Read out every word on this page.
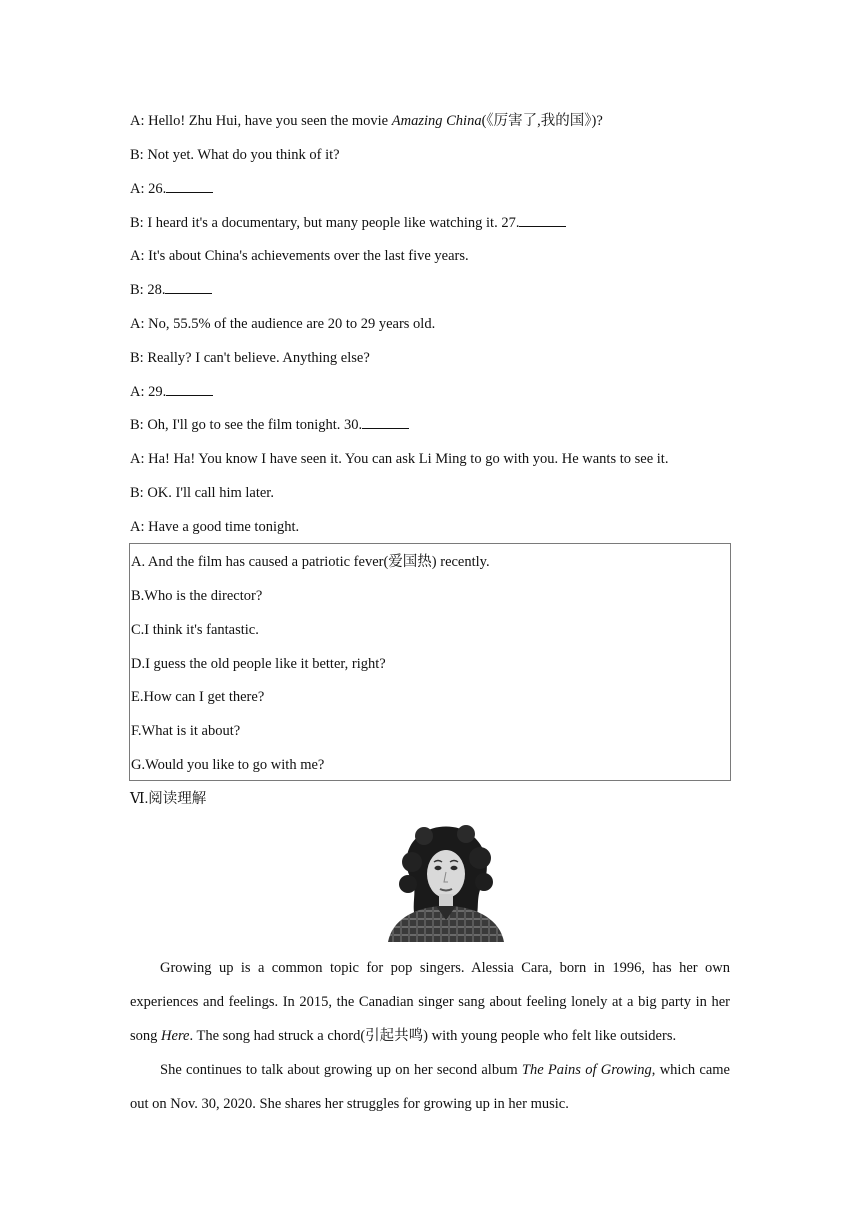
A: Hello! Zhu Hui, have you seen the movie Amazing China(《厉害了,我的国》)?
B: Not yet. What do you think of it?
A: 26.
B: I heard it's a documentary, but many people like watching it. 27.
A: It's about China's achievements over the last five years.
B: 28.
A: No, 55.5% of the audience are 20 to 29 years old.
B: Really? I can't believe. Anything else?
A: 29.
B: Oh, I'll go to see the film tonight. 30.
A: Ha! Ha! You know I have seen it. You can ask Li Ming to go with you. He wants to see it.
B: OK. I'll call him later.
A: Have a good time tonight.
A. And the film has caused a patriotic fever(爱国热) recently.
B.Who is the director?
C.I think it's fantastic.
D.I guess the old people like it better, right?
E.How can I get there?
F.What is it about?
G.Would you like to go with me?
Ⅵ.阅读理解

Growing up is a common topic for pop singers. Alessia Cara, born in 1996, has her own experiences and feelings. In 2015, the Canadian singer sang about feeling lonely at a big party in her song Here. The song had struck a chord(引起共鸣) with young people who felt like outsiders.

She continues to talk about growing up on her second album The Pains of Growing, which came out on Nov. 30, 2020. She shares her struggles for growing up in her music.
